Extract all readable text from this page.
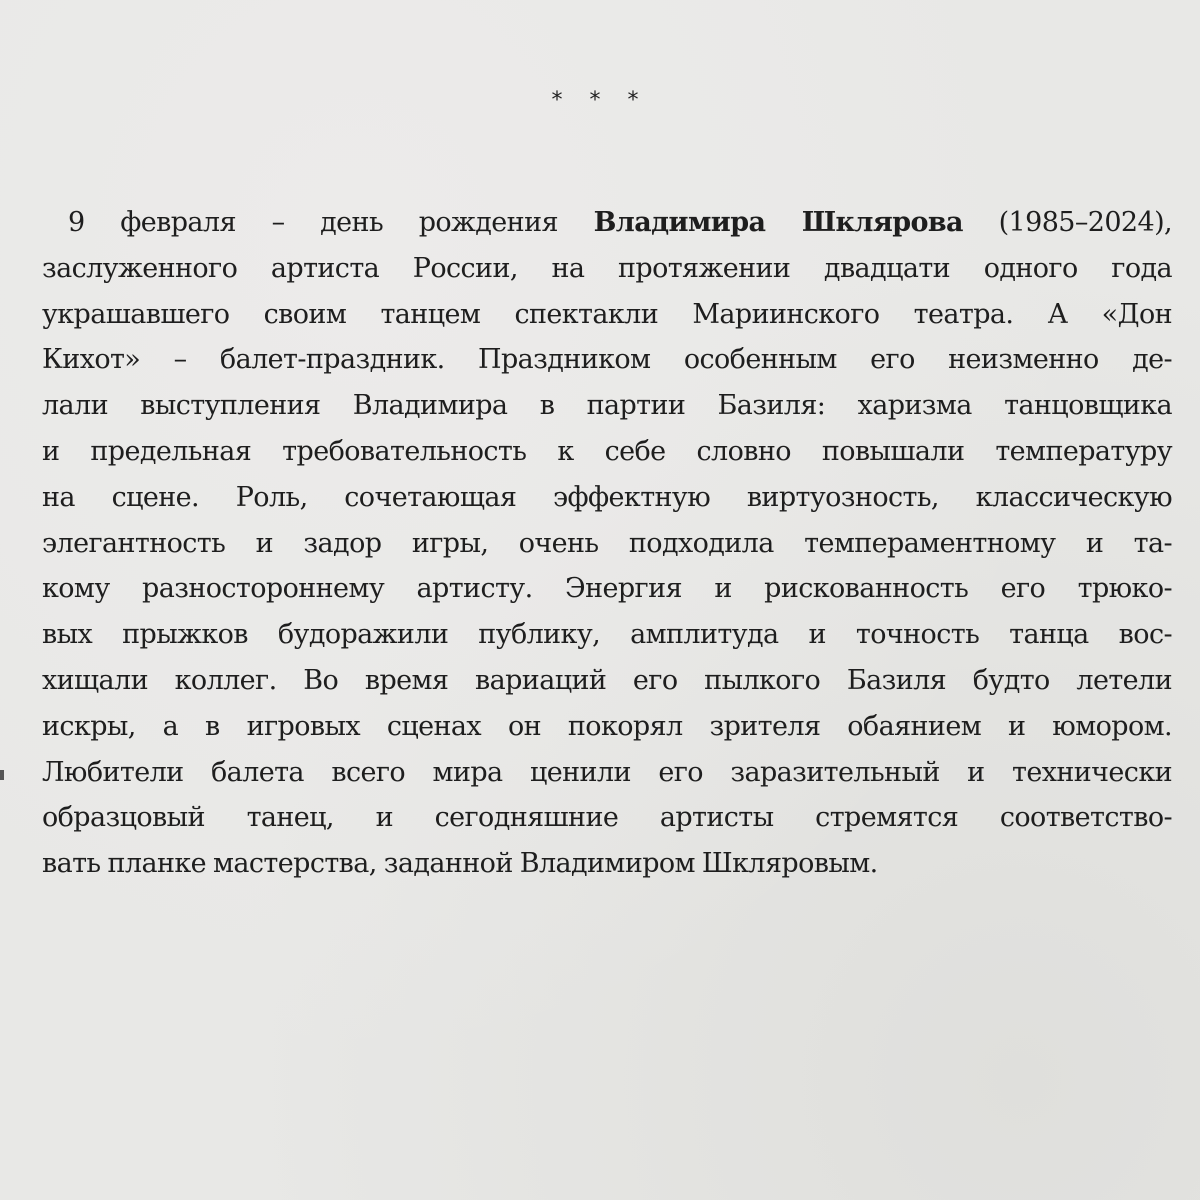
* * *
9 февраля – день рождения Владимира Шклярова (1985–2024),
заслуженного артиста России, на протяжении двадцати одного года
украшавшего своим танцем спектакли Мариинского театра. А «Дон
Кихот» – балет-праздник. Праздником особенным его неизменно де-
лали выступления Владимира в партии Базиля: харизма танцовщика
и предельная требовательность к себе словно повышали температуру
на сцене. Роль, сочетающая эффектную виртуозность, классическую
элегантность и задор игры, очень подходила темпераментному и та-
кому разностороннему артисту. Энергия и рискованность его трюко-
вых прыжков будоражили публику, амплитуда и точность танца вос-
хищали коллег. Во время вариаций его пылкого Базиля будто летели
искры, а в игровых сценах он покорял зрителя обаянием и юмором.
Любители балета всего мира ценили его заразительный и технически
образцовый танец, и сегодняшние артисты стремятся соответство-
вать планке мастерства, заданной Владимиром Шкляровым.
